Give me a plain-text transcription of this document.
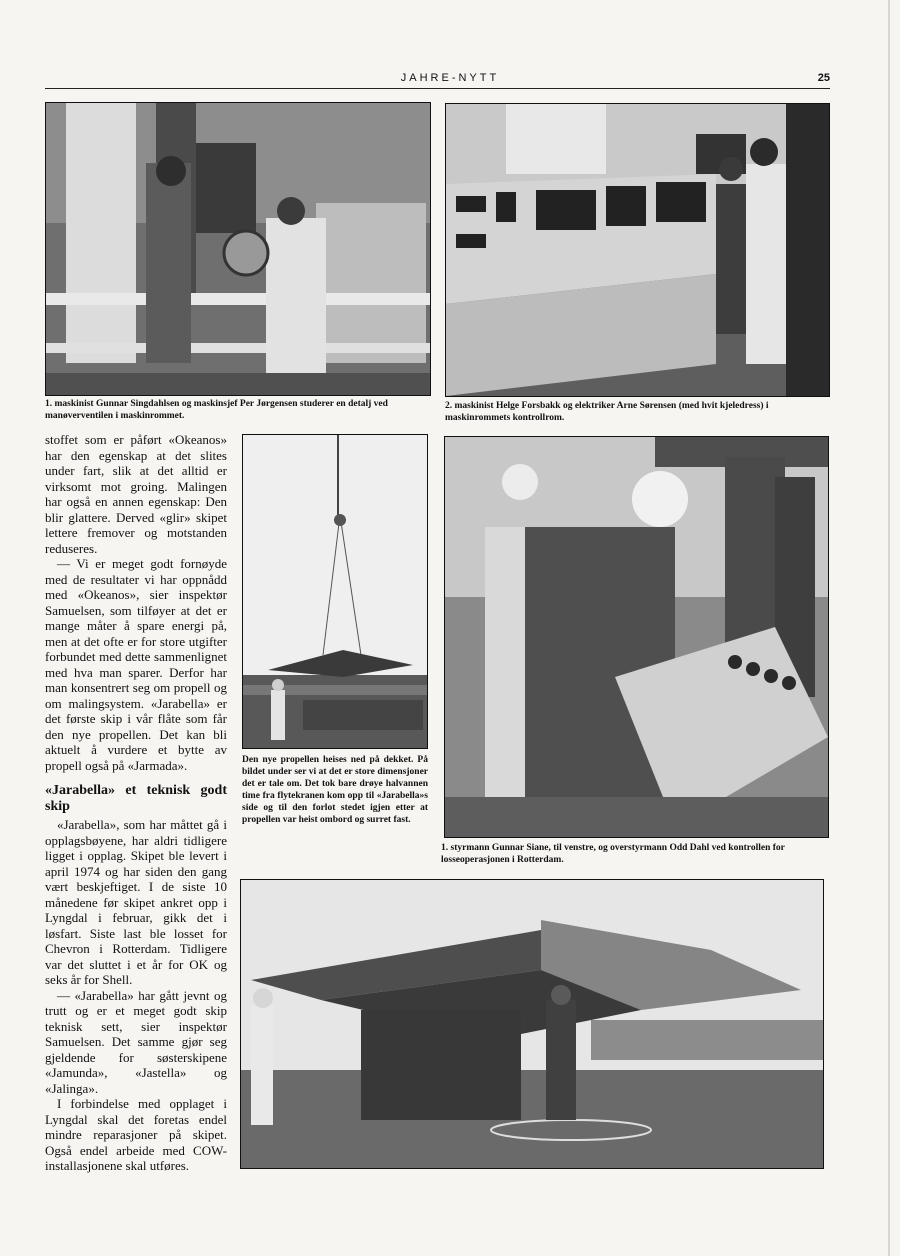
JAHRE-NYTT	25
1. maskinist Gunnar Singdahlsen og maskinsjef Per Jørgensen studerer en detalj ved manøverventilen i maskinrommet.
2. maskinist Helge Forsbakk og elektriker Arne Sørensen (med hvit kjeledress) i maskinrommets kontrollrom.

stoffet som er påført «Okeanos» har den egenskap at det slites under fart, slik at det alltid er virksomt mot groing. Malingen har også en annen egenskap: Den blir glattere. Derved «glir» skipet lettere fremover og motstanden reduseres.

— Vi er meget godt fornøyde med de resultater vi har oppnådd med «Okeanos», sier inspektør Samuelsen, som tilføyer at det er mange måter å spare energi på, men at det ofte er for store utgifter forbundet med dette sammenlignet med hva man sparer. Derfor har man konsentrert seg om propell og om malingsystem. «Jarabella» er det første skip i vår flåte som får den nye propellen. Det kan bli aktuelt å vurdere et bytte av propell også på «Jarmada».

«Jarabella» et teknisk godt skip

«Jarabella», som har måttet gå i opplagsbøyene, har aldri tidligere ligget i opplag. Skipet ble levert i april 1974 og har siden den gang vært beskjeftiget. I de siste 10 månedene før skipet ankret opp i Lyngdal i februar, gikk det i løsfart. Siste last ble losset for Chevron i Rotterdam. Tidligere var det sluttet i et år for OK og seks år for Shell.

— «Jarabella» har gått jevnt og trutt og er et meget godt skip teknisk sett, sier inspektør Samuelsen. Det samme gjør seg gjeldende for søsterskipene «Jamunda», «Jastella» og «Jalinga».

I forbindelse med opplaget i Lyngdal skal det foretas endel mindre reparasjoner på skipet. Også endel arbeide med COW-installasjonene skal utføres.

Den nye propellen heises ned på dekket. På bildet under ser vi at det er store dimensjoner det er tale om. Det tok bare drøye halvannen time fra flytekranen kom opp til «Jarabella»s side og til den forlot stedet igjen etter at propellen var heist ombord og surret fast.
1. styrmann Gunnar Siane, til venstre, og overstyrmann Odd Dahl ved kontrollen for losseoperasjonen i Rotterdam.
